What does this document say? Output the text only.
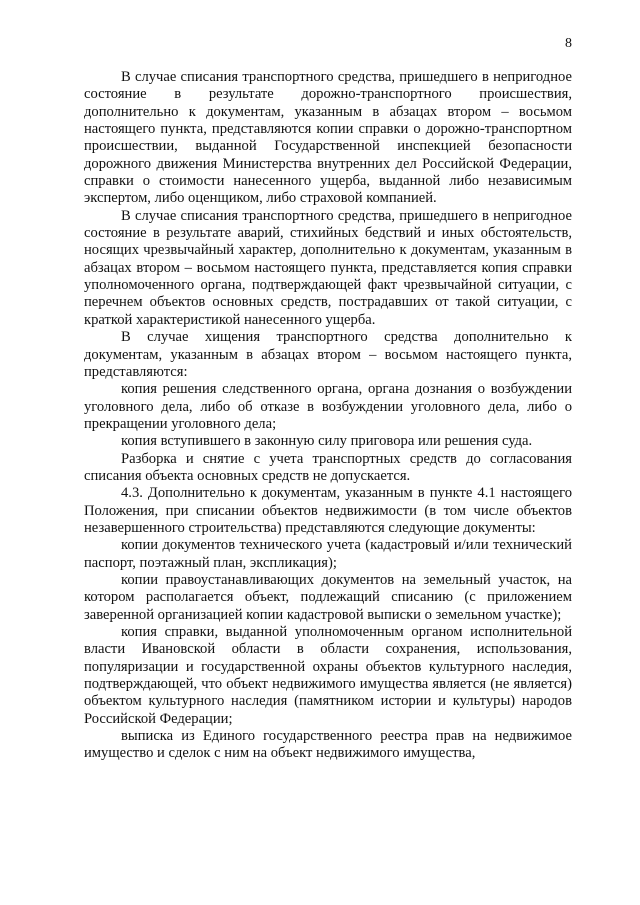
8

В случае списания транспортного средства, пришедшего в непригодное состояние в результате дорожно-транспортного происшествия, дополнительно к документам, указанным в абзацах втором – восьмом настоящего пункта, представляются копии справки о дорожно-транспортном происшествии, выданной Государственной инспекцией безопасности дорожного движения Министерства внутренних дел Российской Федерации, справки о стоимости нанесенного ущерба, выданной либо независимым экспертом, либо оценщиком, либо страховой компанией.

В случае списания транспортного средства, пришедшего в непригодное состояние в результате аварий, стихийных бедствий и иных обстоятельств, носящих чрезвычайный характер, дополнительно к документам, указанным в абзацах втором – восьмом настоящего пункта, представляется копия справки уполномоченного органа, подтверждающей факт чрезвычайной ситуации, с перечнем объектов основных средств, пострадавших от такой ситуации, с краткой характеристикой нанесенного ущерба.

В случае хищения транспортного средства дополнительно к документам, указанным в абзацах втором – восьмом настоящего пункта, представляются:

копия решения следственного органа, органа дознания о возбуждении уголовного дела, либо об отказе в возбуждении уголовного дела, либо о прекращении уголовного дела;

копия вступившего в законную силу приговора или решения суда.

Разборка и снятие с учета транспортных средств до согласования списания объекта основных средств не допускается.

4.3. Дополнительно к документам, указанным в пункте 4.1 настоящего Положения, при списании объектов недвижимости (в том числе объектов незавершенного строительства) представляются следующие документы:

копии документов технического учета (кадастровый и/или технический паспорт, поэтажный план, экспликация);

копии правоустанавливающих документов на земельный участок, на котором располагается объект, подлежащий списанию (с приложением заверенной организацией копии кадастровой выписки о земельном участке);

копия справки, выданной уполномоченным органом исполнительной власти Ивановской области в области сохранения, использования, популяризации и государственной охраны объектов культурного наследия, подтверждающей, что объект недвижимого имущества является (не является) объектом культурного наследия (памятником истории и культуры) народов Российской Федерации;

выписка из Единого государственного реестра прав на недвижимое имущество и сделок с ним на объект недвижимого имущества,
